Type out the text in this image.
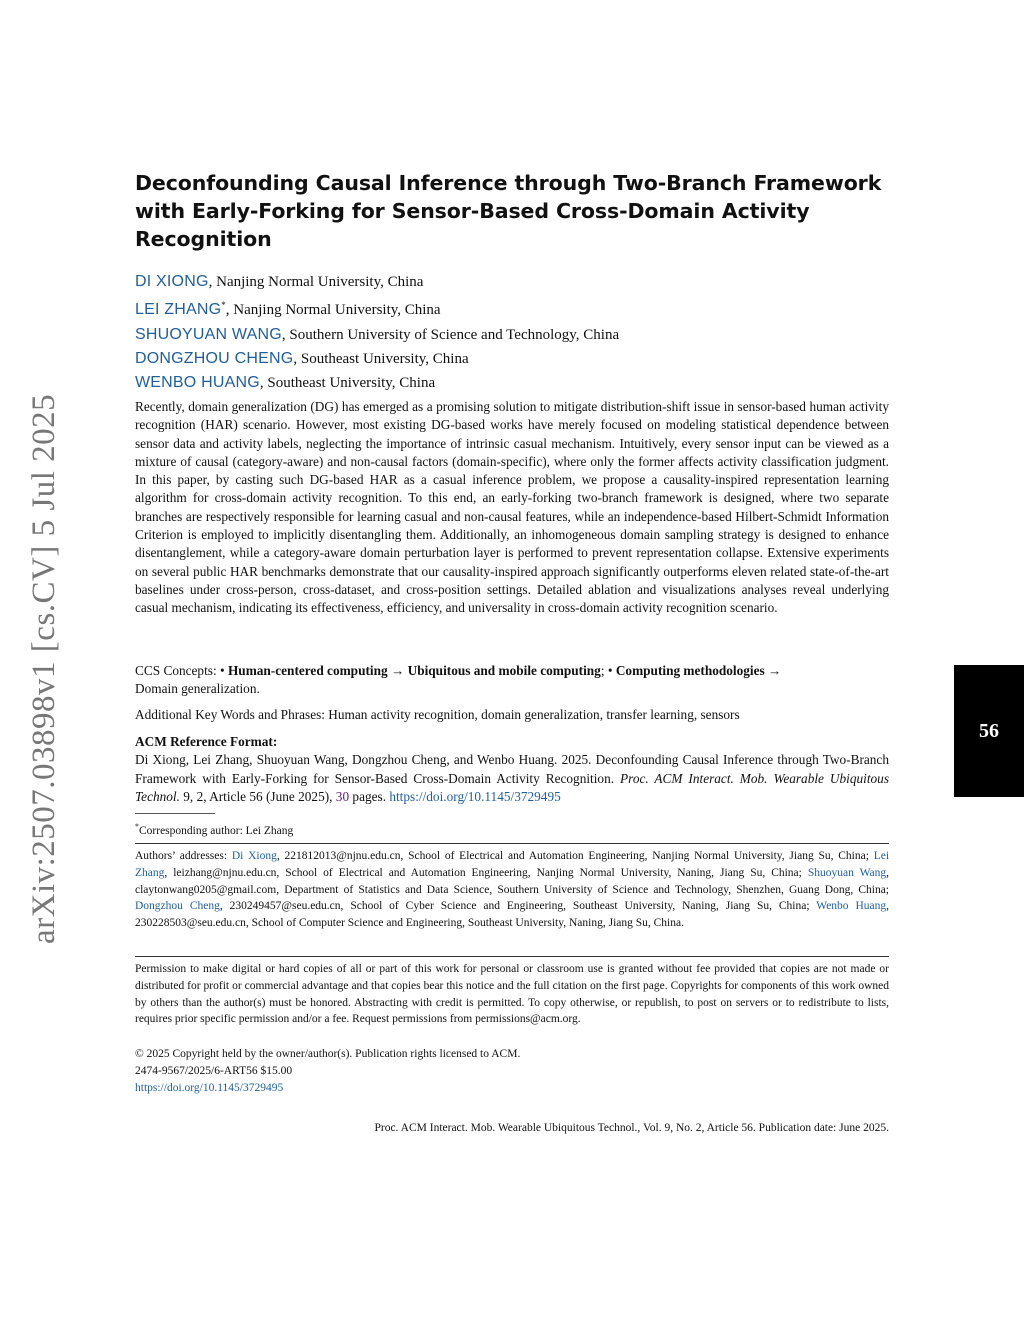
arXiv:2507.03898v1 [cs.CV] 5 Jul 2025	56
Deconfounding Causal Inference through Two-Branch Framework with Early-Forking for Sensor-Based Cross-Domain Activity Recognition
DI XIONG, Nanjing Normal University, China
LEI ZHANG*, Nanjing Normal University, China
SHUOYUAN WANG, Southern University of Science and Technology, China
DONGZHOU CHENG, Southeast University, China
WENBO HUANG, Southeast University, China

Recently, domain generalization (DG) has emerged as a promising solution to mitigate distribution-shift issue in sensor-based human activity recognition (HAR) scenario. However, most existing DG-based works have merely focused on modeling statistical dependence between sensor data and activity labels, neglecting the importance of intrinsic casual mechanism. Intuitively, every sensor input can be viewed as a mixture of causal (category-aware) and non-causal factors (domain-specific), where only the former affects activity classification judgment. In this paper, by casting such DG-based HAR as a casual inference problem, we propose a causality-inspired representation learning algorithm for cross-domain activity recognition. To this end, an early-forking two-branch framework is designed, where two separate branches are respectively responsible for learning casual and non-causal features, while an independence-based Hilbert-Schmidt Information Criterion is employed to implicitly disentangling them. Additionally, an inhomogeneous domain sampling strategy is designed to enhance disentanglement, while a category-aware domain perturbation layer is performed to prevent representation collapse. Extensive experiments on several public HAR benchmarks demonstrate that our causality-inspired approach significantly outperforms eleven related state-of-the-art baselines under cross-person, cross-dataset, and cross-position settings. Detailed ablation and visualizations analyses reveal underlying casual mechanism, indicating its effectiveness, efficiency, and universality in cross-domain activity recognition scenario.

CCS Concepts: • Human-centered computing → Ubiquitous and mobile computing; • Computing methodologies →
Domain generalization.

Additional Key Words and Phrases: Human activity recognition, domain generalization, transfer learning, sensors

ACM Reference Format:

Di Xiong, Lei Zhang, Shuoyuan Wang, Dongzhou Cheng, and Wenbo Huang. 2025. Deconfounding Causal Inference through Two-Branch Framework with Early-Forking for Sensor-Based Cross-Domain Activity Recognition. Proc. ACM Interact. Mob. Wearable Ubiquitous Technol. 9, 2, Article 56 (June 2025), 30 pages. https://doi.org/10.1145/3729495

*Corresponding author: Lei Zhang

Authors’ addresses: Di Xiong, 221812013@njnu.edu.cn, School of Electrical and Automation Engineering, Nanjing Normal University, Jiang Su, China; Lei Zhang, leizhang@njnu.edu.cn, School of Electrical and Automation Engineering, Nanjing Normal University, Naning, Jiang Su, China; Shuoyuan Wang, claytonwang0205@gmail.com, Department of Statistics and Data Science, Southern University of Science and Technology, Shenzhen, Guang Dong, China; Dongzhou Cheng, 230249457@seu.edu.cn, School of Cyber Science and Engineering, Southeast University, Naning, Jiang Su, China; Wenbo Huang, 230228503@seu.edu.cn, School of Computer Science and Engineering, Southeast University, Naning, Jiang Su, China.

Permission to make digital or hard copies of all or part of this work for personal or classroom use is granted without fee provided that copies are not made or distributed for profit or commercial advantage and that copies bear this notice and the full citation on the first page. Copyrights for components of this work owned by others than the author(s) must be honored. Abstracting with credit is permitted. To copy otherwise, or republish, to post on servers or to redistribute to lists, requires prior specific permission and/or a fee. Request permissions from permissions@acm.org.

© 2025 Copyright held by the owner/author(s). Publication rights licensed to ACM.

2474-9567/2025/6-ART56 $15.00

https://doi.org/10.1145/3729495

Proc. ACM Interact. Mob. Wearable Ubiquitous Technol., Vol. 9, No. 2, Article 56. Publication date: June 2025.
